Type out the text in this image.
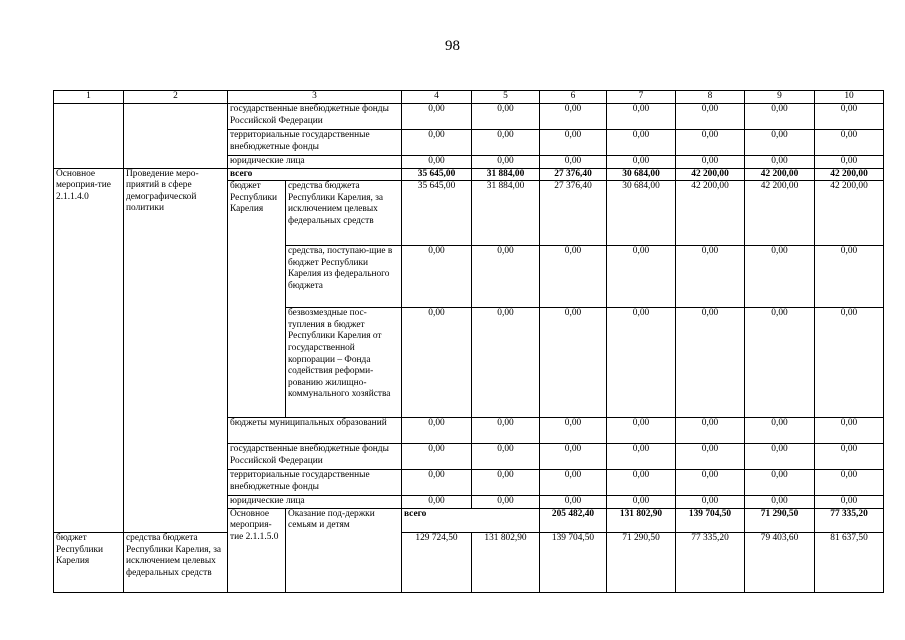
98
1	2	3		4	5	6	7	8	9	10	
		государственные внебюджетные фонды Российской Федерации		0,00	0,00	0,00	0,00	0,00	0,00	0,00	
		территориальные государственные внебюджетные фонды		0,00	0,00	0,00	0,00	0,00	0,00	0,00	
		юридические лица		0,00	0,00	0,00	0,00	0,00	0,00	0,00	
Основное мероприя-тие 2.1.1.4.0	Проведение меро-приятий в сфере демографической политики	всего		35 645,00	31 884,00	27 376,40	30 684,00	42 200,00	42 200,00	42 200,00	
		бюджет Республики Карелия	средства бюджета Республики Карелия, за исключением целевых федеральных средств	35 645,00	31 884,00	27 376,40	30 684,00	42 200,00	42 200,00	42 200,00	
			средства, поступаю-щие в бюджет Республики Карелия из федерального бюджета	0,00	0,00	0,00	0,00	0,00	0,00	0,00	
			безвозмездные пос-тупления в бюджет Республики Карелия от государственной корпорации – Фонда содействия реформи-рованию жилищно-коммунального хозяйства	0,00	0,00	0,00	0,00	0,00	0,00	0,00	
		бюджеты муниципальных образований		0,00	0,00	0,00	0,00	0,00	0,00	0,00	
		государственные внебюджетные фонды Российской Федерации		0,00	0,00	0,00	0,00	0,00	0,00	0,00	
		территориальные государственные внебюджетные фонды		0,00	0,00	0,00	0,00	0,00	0,00	0,00	
		юридические лица		0,00	0,00	0,00	0,00	0,00	0,00	0,00	
		Основное мероприя-тие 2.1.1.5.0	Оказание под-держки семьям и детям	всего		205 482,40	131 802,90	139 704,50	71 290,50	77 335,20		
бюджет Республики Карелия	средства бюджета Республики Карелия, за исключением целевых федеральных средств			129 724,50	131 802,90	139 704,50	71 290,50	77 335,20	79 403,60	81 637,50	
